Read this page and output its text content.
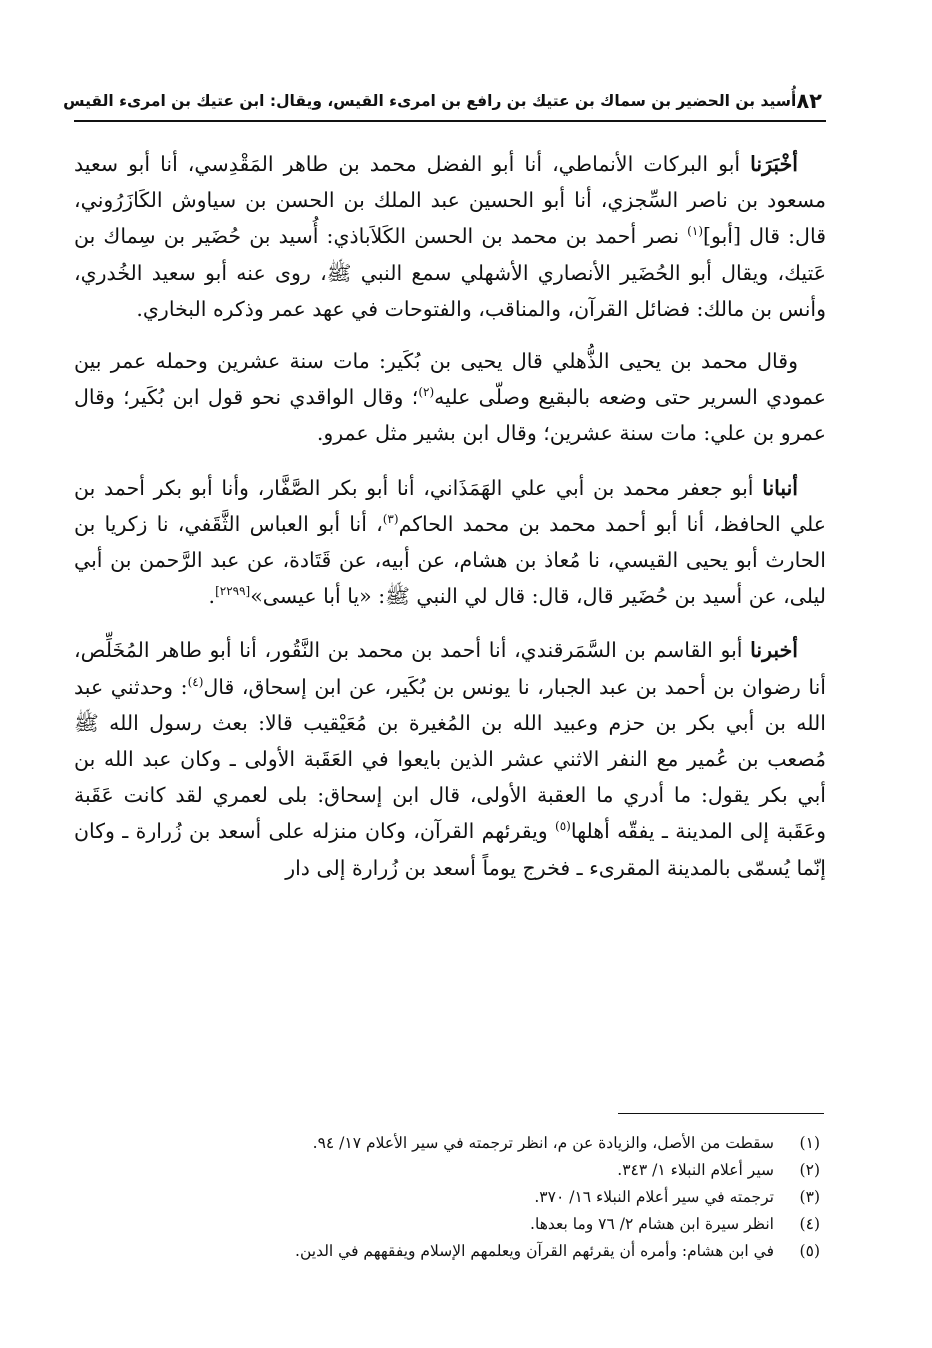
٨٢
أُسيد بن الحضير بن سماك بن عتيك بن رافع بن امرىء القيس، ويقال: ابن عتيك بن امرىء القيس

أخْبَرَنا أبو البركات الأنماطي، أنا أبو الفضل محمد بن طاهر المَقْدِسي، أنا أبو سعيد مسعود بن ناصر السِّجزي، أنا أبو الحسين عبد الملك بن الحسن بن سياوش الكَازَرُوني، قال: قال [أبو]$^{(١)}$ نصر أحمد بن محمد بن الحسن الكَلاَباذي: أُسيد بن حُضَير بن سِماك بن عَتيك، ويقال أبو الحُضَير الأنصاري الأشهلي سمع النبي ﷺ، روى عنه أبو سعيد الخُدري، وأنس بن مالك: فضائل القرآن، والمناقب، والفتوحات في عهد عمر وذكره البخاري.

وقال محمد بن يحيى الذُّهلي قال يحيى بن بُكَير: مات سنة عشرين وحمله عمر بين عمودي السرير حتى وضعه بالبقيع وصلّى عليه$^{(٢)}$؛ وقال الواقدي نحو قول ابن بُكَير؛ وقال عمرو بن علي: مات سنة عشرين؛ وقال ابن بشير مثل عمرو.

أنبانا أبو جعفر محمد بن أبي علي الهَمَذَاني، أنا أبو بكر الصَّفَّار، وأنا أبو بكر أحمد بن علي الحافظ، أنا أبو أحمد محمد بن محمد الحاكم$^{(٣)}$، أنا أبو العباس الثَّقَفي، نا زكريا بن الحارث أبو يحيى القيسي، نا مُعاذ بن هشام، عن أبيه، عن قَتَادة، عن عبد الرَّحمن بن أبي ليلى، عن أسيد بن حُضَير قال، قال: قال لي النبي ﷺ: «يا أبا عيسى»[٢٢٩٩].

أخبرنا أبو القاسم بن السَّمَرقندي، أنا أحمد بن محمد بن النَّقُور، أنا أبو طاهر المُخَلِّص، أنا رضوان بن أحمد بن عبد الجبار، نا يونس بن بُكَير، عن ابن إسحاق، قال$^{(٤)}$: وحدثني عبد الله بن أبي بكر بن حزم وعبيد الله بن المُغيرة بن مُعَيْقيب قالا: بعث رسول الله ﷺ مُصعب بن عُمير مع النفر الاثني عشر الذين بايعوا في العَقَبة الأولى ـ وكان عبد الله بن أبي بكر يقول: ما أدري ما العقبة الأولى، قال ابن إسحاق: بلى لعمري لقد كانت عَقَبة وعَقَبة إلى المدينة ـ يفقّه أهلها$^{(٥)}$ ويقرئهم القرآن، وكان منزله على أسعد بن زُرارة ـ وكان إنّما يُسمّى بالمدينة المقرىء ـ فخرج يوماً أسعد بن زُرارة إلى دار

(١)
سقطت من الأصل، والزيادة عن م، انظر ترجمته في سير الأعلام ١٧/ ٩٤.
(٢)
سير أعلام النبلاء ١/ ٣٤٣.
(٣)
ترجمته في سير أعلام النبلاء ١٦/ ٣٧٠.
(٤)
انظر سيرة ابن هشام ٢/ ٧٦ وما بعدها.
(٥)
في ابن هشام: وأمره أن يقرئهم القرآن ويعلمهم الإسلام ويفقههم في الدين.
